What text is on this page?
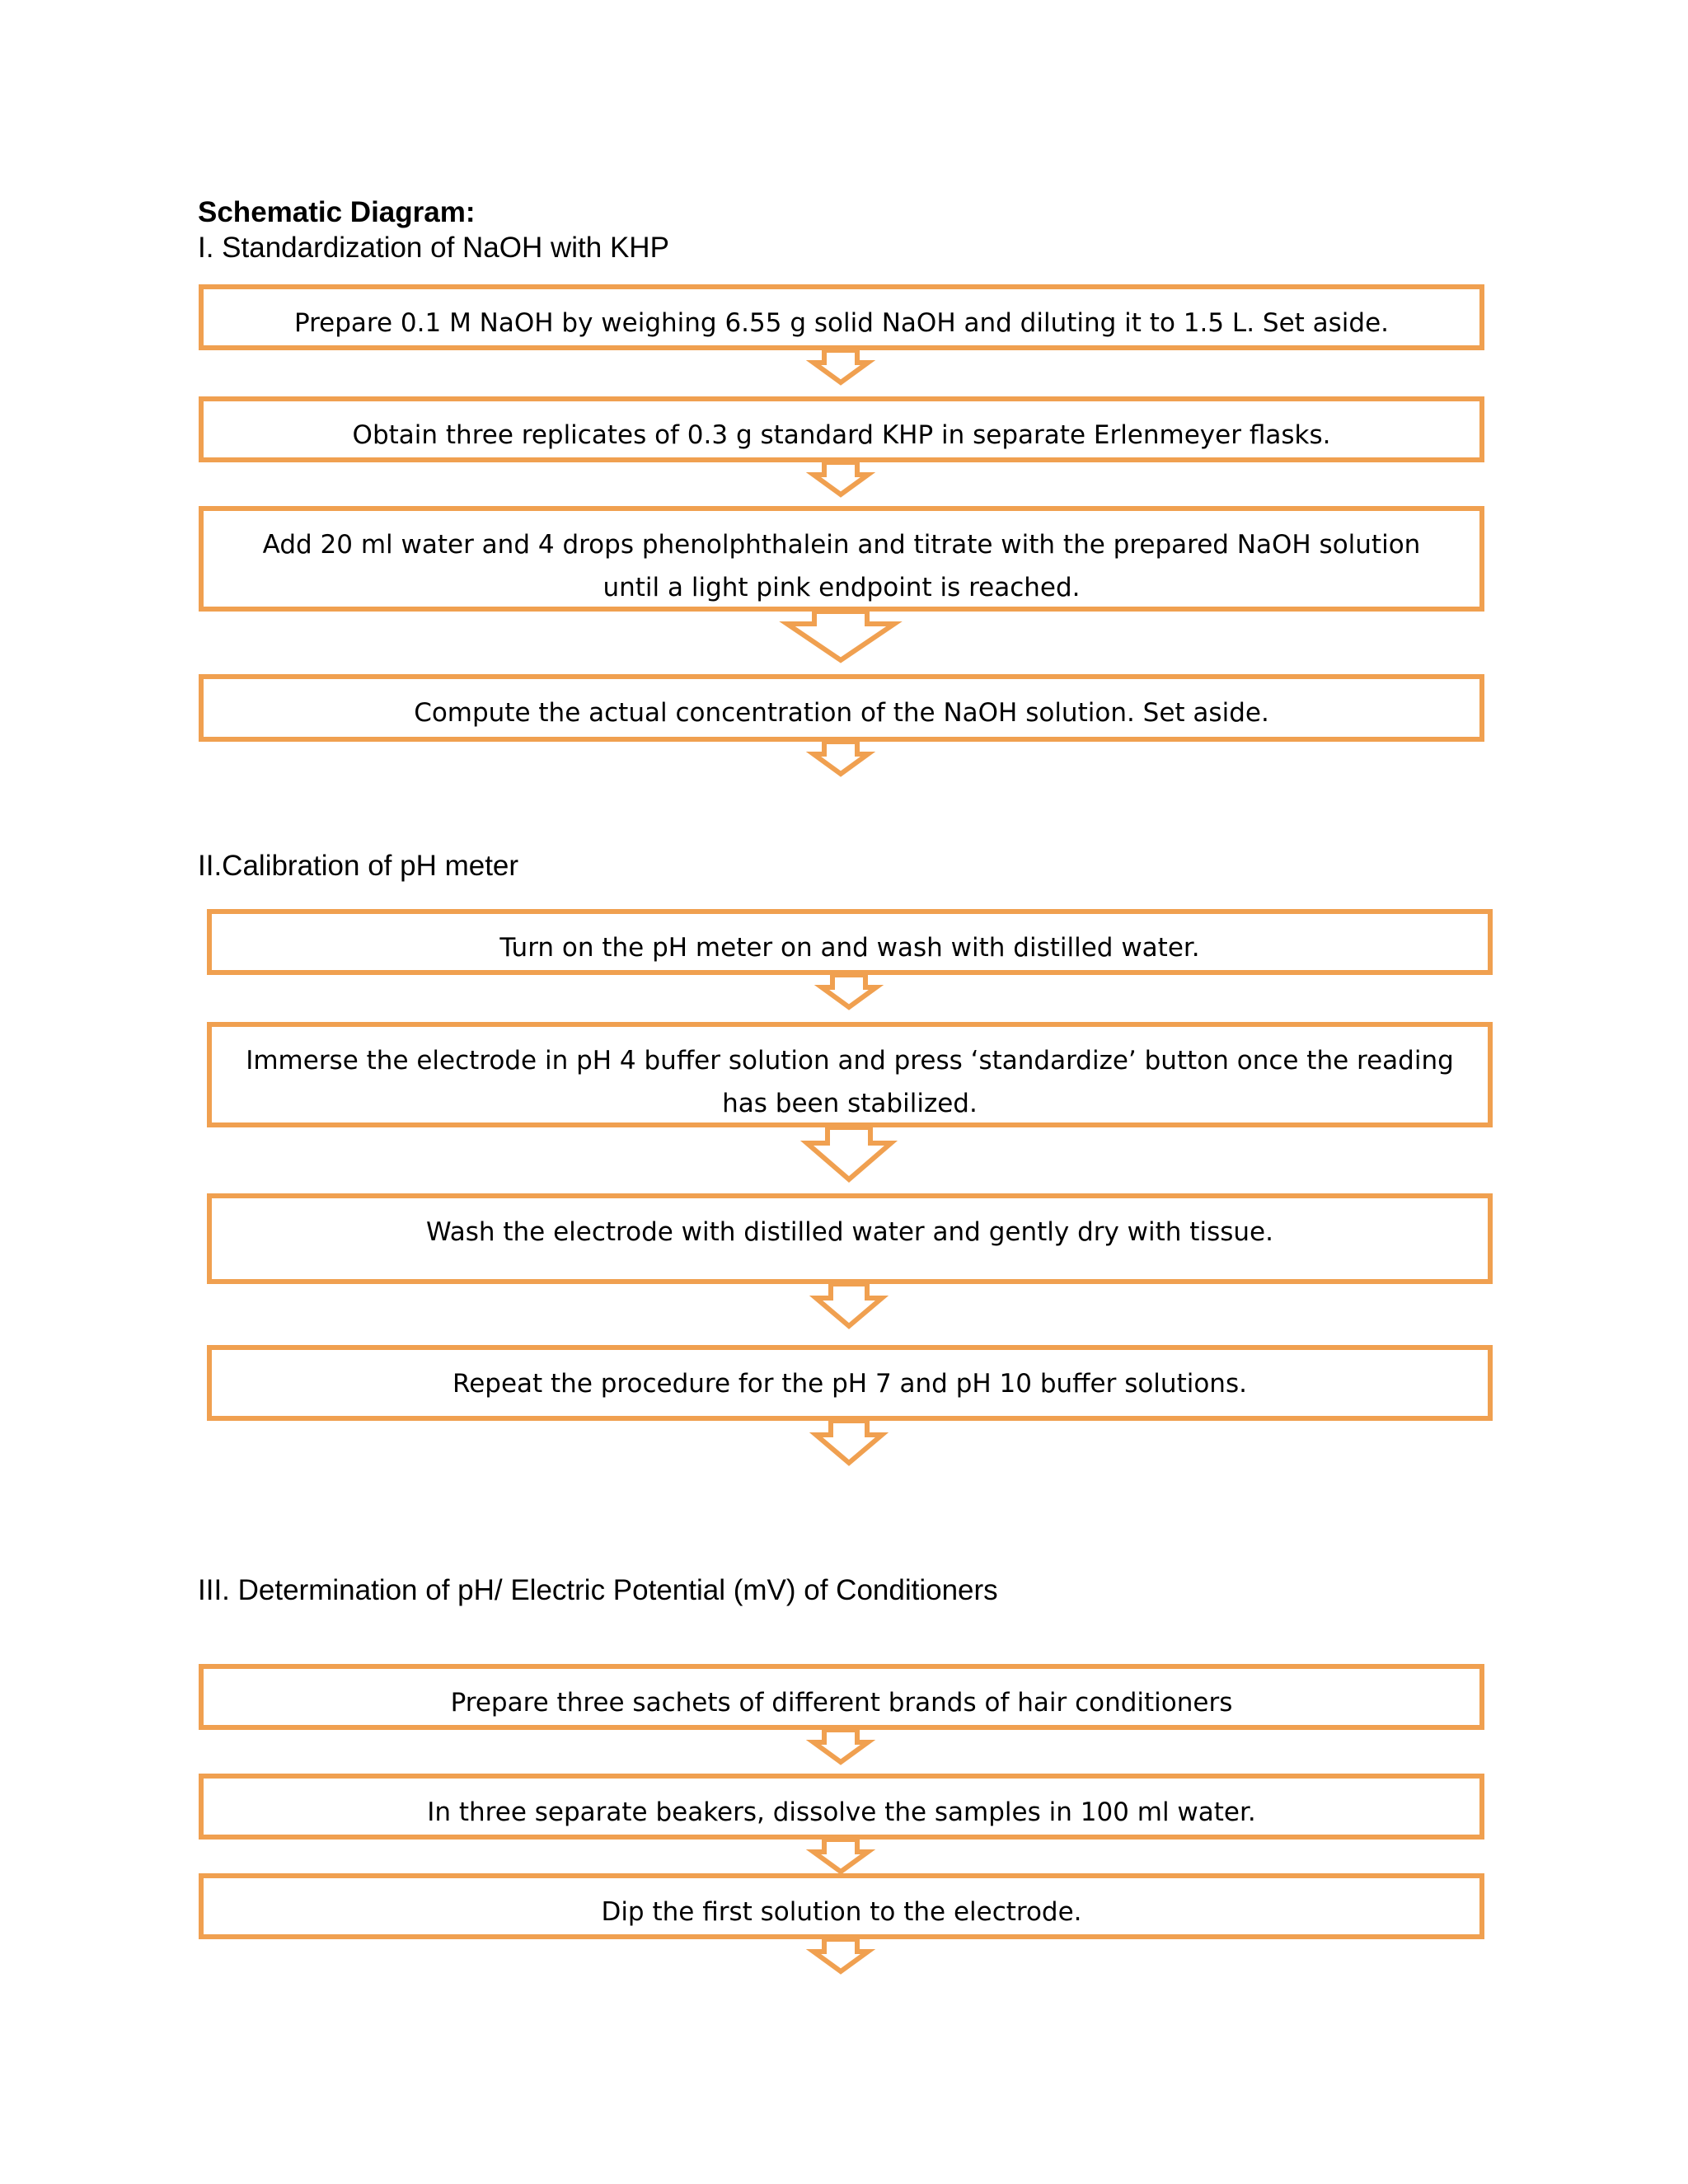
Schematic Diagram:
I. Standardization of NaOH with KHP
II.Calibration of pH meter
III. Determination of pH/ Electric Potential (mV) of Conditioners
Prepare 0.1 M NaOH by weighing 6.55 g solid NaOH and diluting it to 1.5 L. Set aside.
Obtain three replicates of 0.3 g standard KHP in separate Erlenmeyer flasks.
Add 20 ml water and 4 drops phenolphthalein and titrate with the prepared NaOH solution until a light pink endpoint is reached.
Compute the actual concentration of the NaOH solution. Set aside.
Turn on the pH meter on and wash with distilled water.
Immerse the electrode in pH 4 buffer solution and press ‘standardize’ button once the reading has been stabilized.
Wash the electrode with distilled water and gently dry with tissue.
Repeat the procedure for the pH 7 and pH 10 buffer solutions.
Prepare three sachets of different brands of hair conditioners
In three separate beakers, dissolve the samples in 100 ml water.
Dip the first solution to the electrode.
